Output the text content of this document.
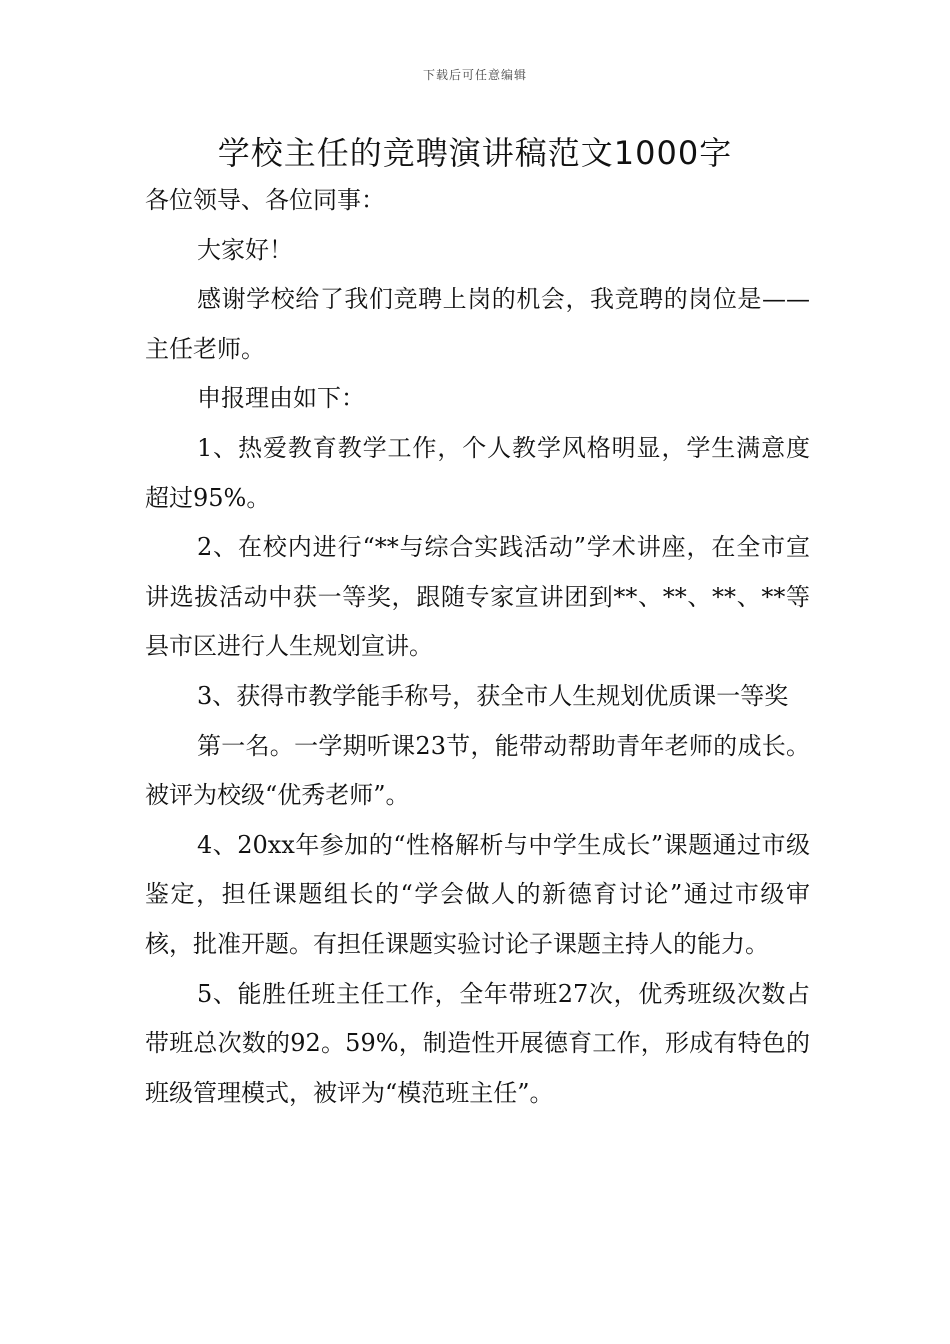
下载后可任意编辑
学校主任的竞聘演讲稿范文1000字

各位领导、各位同事：

大家好！

感谢学校给了我们竞聘上岗的机会，我竞聘的岗位是——主任老师。

申报理由如下：

1、热爱教育教学工作，个人教学风格明显，学生满意度超过95%。

2、在校内进行“**与综合实践活动”学术讲座，在全市宣讲选拔活动中获一等奖，跟随专家宣讲团到**、**、**、**等县市区进行人生规划宣讲。

3、获得市教学能手称号，获全市人生规划优质课一等奖

第一名。一学期听课23节，能带动帮助青年老师的成长。被评为校级“优秀老师”。

4、20xx年参加的“性格解析与中学生成长”课题通过市级鉴定，担任课题组长的“学会做人的新德育讨论”通过市级审核，批准开题。有担任课题实验讨论子课题主持人的能力。

5、能胜任班主任工作，全年带班27次，优秀班级次数占带班总次数的92。59%，制造性开展德育工作，形成有特色的班级管理模式，被评为“模范班主任”。
